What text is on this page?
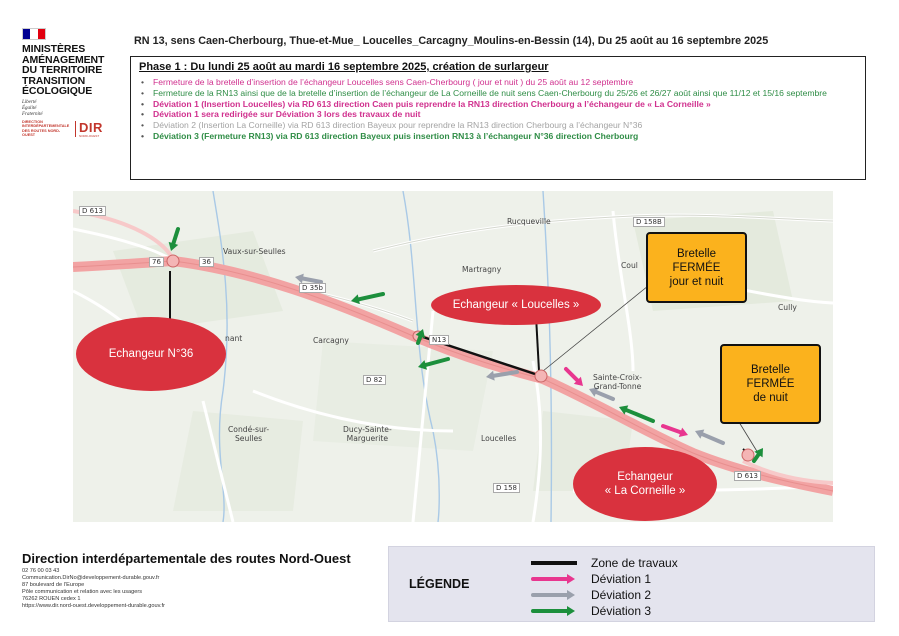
MINISTÈRES
AMÉNAGEMENT
DU TERRITOIRE
TRANSITION
ÉCOLOGIQUE
Liberté
Égalité
Fraternité
DIRECTION
INTERDÉPARTEMENTALE
DES ROUTES NORD-OUEST
DIR
NORD-OUEST
RN 13, sens Caen-Cherbourg, Thue-et-Mue_ Loucelles_Carcagny_Moulins-en-Bessin (14), Du 25 août au 16 septembre 2025
Phase 1 : Du lundi 25 août au mardi 16 septembre 2025, création de surlargeur
• Fermeture de la bretelle d’insertion de l’échangeur Loucelles sens Caen-Cherbourg ( jour et nuit ) du 25 août au 12 septembre
• Fermeture de la RN13 ainsi que de la bretelle d’insertion de l’échangeur de La Corneille de nuit sens Caen-Cherbourg du 25/26 et 26/27 août ainsi que 11/12 et 15/16 septembre
• Déviation 1 (Insertion Loucelles) via RD 613 direction Caen puis reprendre la RN13 direction Cherbourg a l’échangeur de « La Corneille »
• Déviation 1 sera redirigée sur Déviation 3 lors des travaux de nuit
• Déviation 2 (Insertion La Corneille) via RD 613 direction Bayeux pour reprendre la RN13 direction Cherbourg a l’échangeur N°36
• Déviation 3 (Fermeture RN13) via RD 613 direction Bayeux puis insertion RN13 à l’échangeur N°36 direction Cherbourg
Vaux-sur-Seulles
Rucqueville
Martragny
Carcagny
Sainte-Croix-
Grand-Tonne
Ducy-Sainte-
Marguerite
Condé-sur-
Seulles	Loucelles
Cully
Coul
nant
D 613
D 158B
D 35b
N13
D 82
D 613
D 158
76	36
Echangeur N°36
Echangeur « Loucelles »
Echangeur
« La Corneille »
Bretelle
FERMÉE
jour et nuit
Bretelle
FERMÉE
de nuit
Direction interdépartementale des routes Nord-Ouest
02 76 00 03 43
Communication.DirNo@developpement-durable.gouv.fr
87 boulevard de l’Europe
Pôle communication et relation avec les usagers
76262 ROUEN cedex 1
https://www.dir.nord-ouest.developpement-durable.gouv.fr
LÉGENDE
Zone de travaux
Déviation 1
Déviation 2
Déviation 3
